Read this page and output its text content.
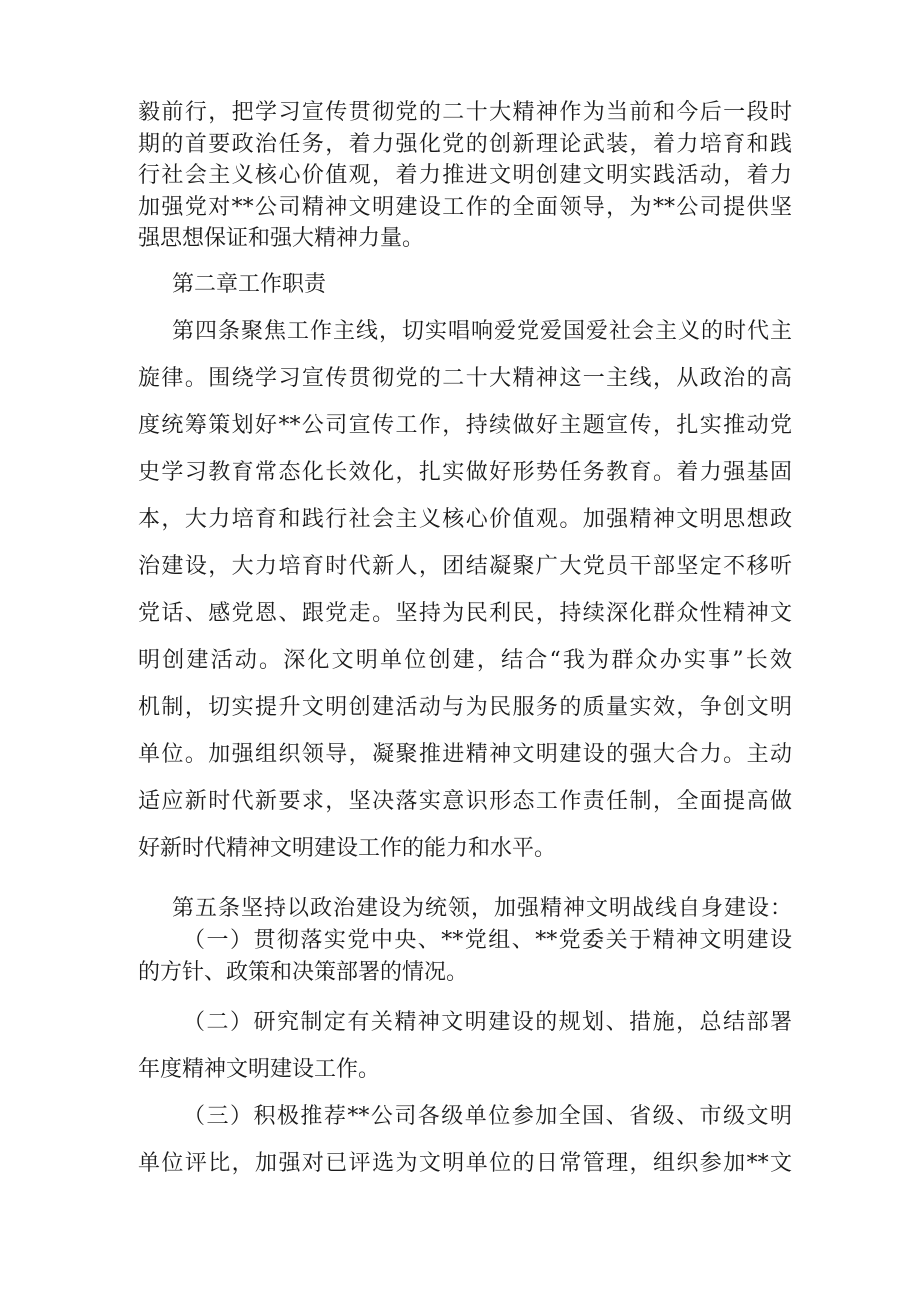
毅前行，把学习宣传贯彻党的二十大精神作为当前和今后一段时

期的首要政治任务，着力强化党的创新理论武装，着力培育和践

行社会主义核心价值观，着力推进文明创建文明实践活动，着力

加强党对**公司精神文明建设工作的全面领导，为**公司提供坚

强思想保证和强大精神力量。

第二章工作职责

第四条聚焦工作主线，切实唱响爱党爱国爱社会主义的时代主

旋律。围绕学习宣传贯彻党的二十大精神这一主线，从政治的高

度统筹策划好**公司宣传工作，持续做好主题宣传，扎实推动党

史学习教育常态化长效化，扎实做好形势任务教育。着力强基固

本，大力培育和践行社会主义核心价值观。加强精神文明思想政

治建设，大力培育时代新人，团结凝聚广大党员干部坚定不移听

党话、感党恩、跟党走。坚持为民利民，持续深化群众性精神文

明创建活动。深化文明单位创建，结合“我为群众办实事”长效

机制，切实提升文明创建活动与为民服务的质量实效，争创文明

单位。加强组织领导，凝聚推进精神文明建设的强大合力。主动

适应新时代新要求，坚决落实意识形态工作责任制，全面提高做

好新时代精神文明建设工作的能力和水平。

第五条坚持以政治建设为统领，加强精神文明战线自身建设：

（一）贯彻落实党中央、**党组、**党委关于精神文明建设

的方针、政策和决策部署的情况。

（二）研究制定有关精神文明建设的规划、措施，总结部署

年度精神文明建设工作。

（三）积极推荐**公司各级单位参加全国、省级、市级文明

单位评比，加强对已评选为文明单位的日常管理，组织参加**文
